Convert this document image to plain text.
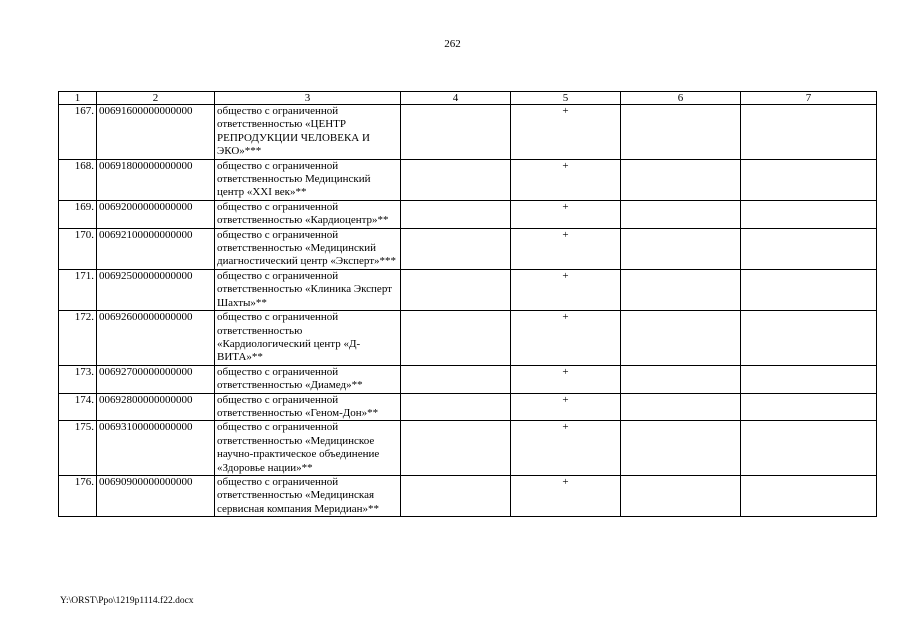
262
1	2	3	4	5	6	7
167.	00691600000000000	общество с ограниченной ответственностью «ЦЕНТР РЕПРОДУКЦИИ ЧЕЛОВЕКА И ЭКО»***		+		
168.	00691800000000000	общество с ограниченной ответственностью Медицинский центр «XXI век»**		+		
169.	00692000000000000	общество с ограниченной ответственностью «Кардиоцентр»**		+		
170.	00692100000000000	общество с ограниченной ответственностью «Медицинский диагностический центр «Эксперт»***		+		
171.	00692500000000000	общество с ограниченной ответственностью «Клиника Эксперт Шахты»**		+		
172.	00692600000000000	общество с ограниченной ответственностью «Кардиологический центр «Д-ВИТА»**		+		
173.	00692700000000000	общество с ограниченной ответственностью «Диамед»**		+		
174.	00692800000000000	общество с ограниченной ответственностью «Геном-Дон»**		+		
175.	00693100000000000	общество с ограниченной ответственностью «Медицинское научно-практическое объединение «Здоровье нации»**		+		
176.	00690900000000000	общество с ограниченной ответственностью «Медицинская сервисная компания Меридиан»**		+		
Y:\ORST\Ppo\1219p1114.f22.docx
